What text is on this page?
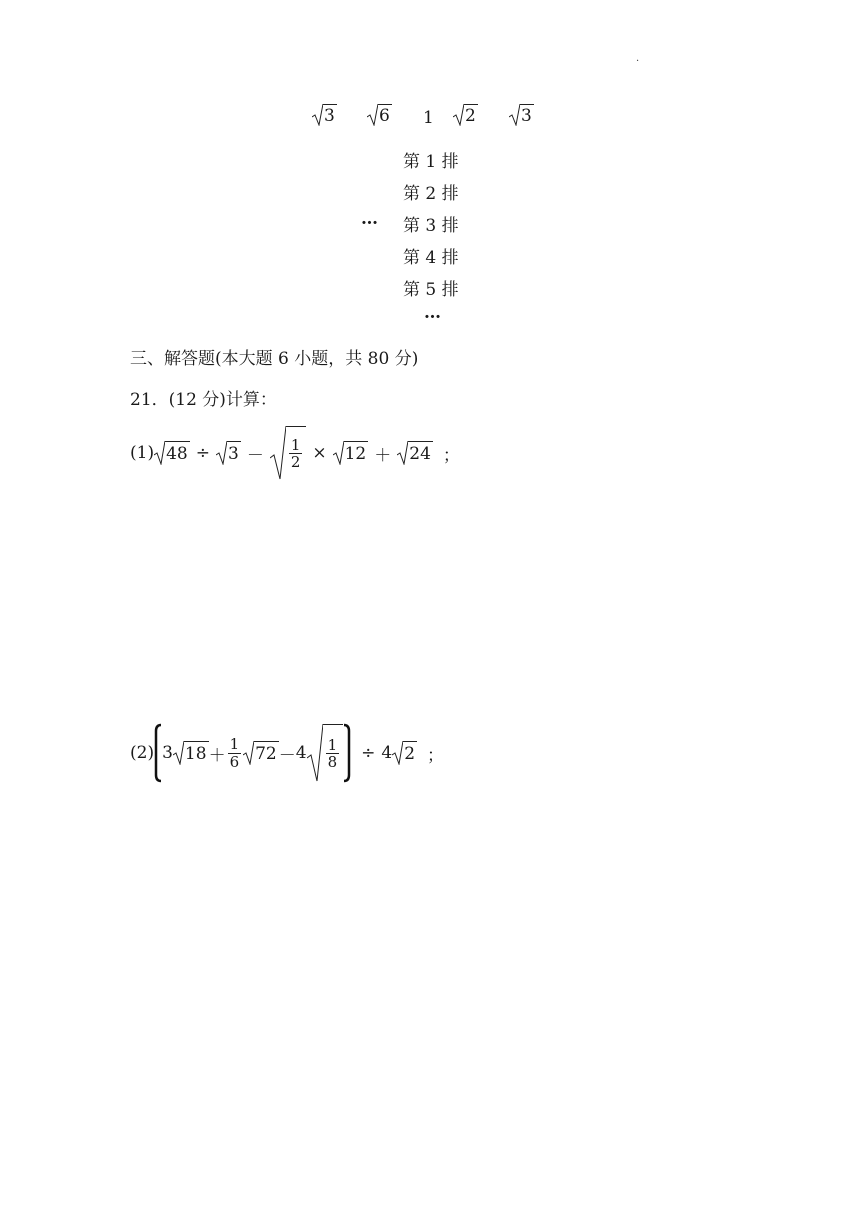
·
3	6 1 2	3
第 1 排
第 2 排
… 第 3 排
第 4 排
第 5 排
…
三、解答题(本大题 6 小题，共 80 分)
21．(12 分)计算：
(1) $48 \div 3 - \frac{1}{2} \times 12 + 24$ ；
(2) 3 $18 + \frac{1}{6} 72 - 4 \frac{1}{8} \div 4$ 2 ；
